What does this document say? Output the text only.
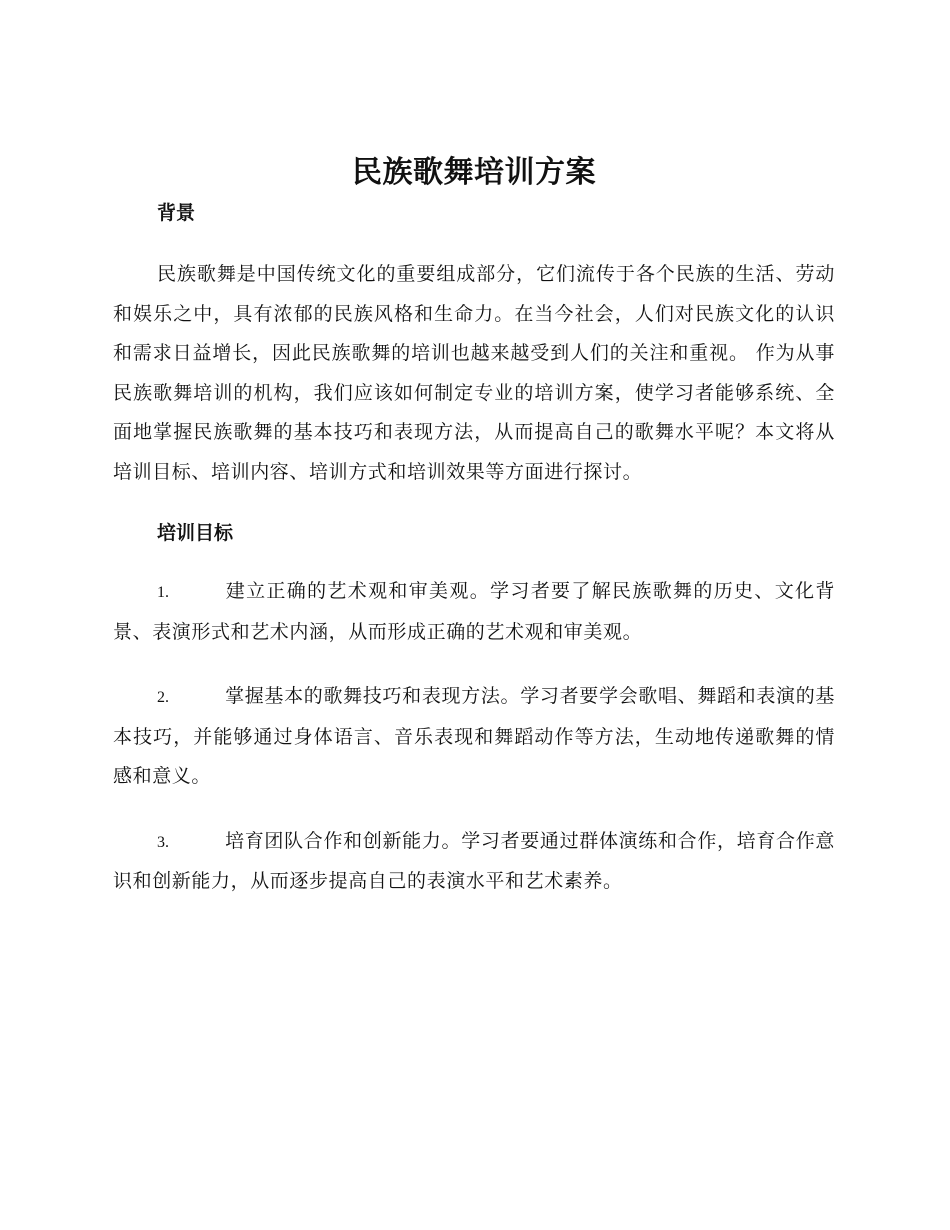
民族歌舞培训方案
背景

民族歌舞是中国传统文化的重要组成部分，它们流传于各个民族的生活、劳动和娱乐之中，具有浓郁的民族风格和生命力。在当今社会，人们对民族文化的认识和需求日益增长，因此民族歌舞的培训也越来越受到人们的关注和重视。 作为从事民族歌舞培训的机构，我们应该如何制定专业的培训方案，使学习者能够系统、全面地掌握民族歌舞的基本技巧和表现方法，从而提高自己的歌舞水平呢？本文将从培训目标、培训内容、培训方式和培训效果等方面进行探讨。

培训目标

1.	建立正确的艺术观和审美观。学习者要了解民族歌舞的历史、文化背景、表演形式和艺术内涵，从而形成正确的艺术观和审美观。

2.	掌握基本的歌舞技巧和表现方法。学习者要学会歌唱、舞蹈和表演的基本技巧，并能够通过身体语言、音乐表现和舞蹈动作等方法，生动地传递歌舞的情感和意义。

3.	培育团队合作和创新能力。学习者要通过群体演练和合作，培育合作意识和创新能力，从而逐步提高自己的表演水平和艺术素养。
